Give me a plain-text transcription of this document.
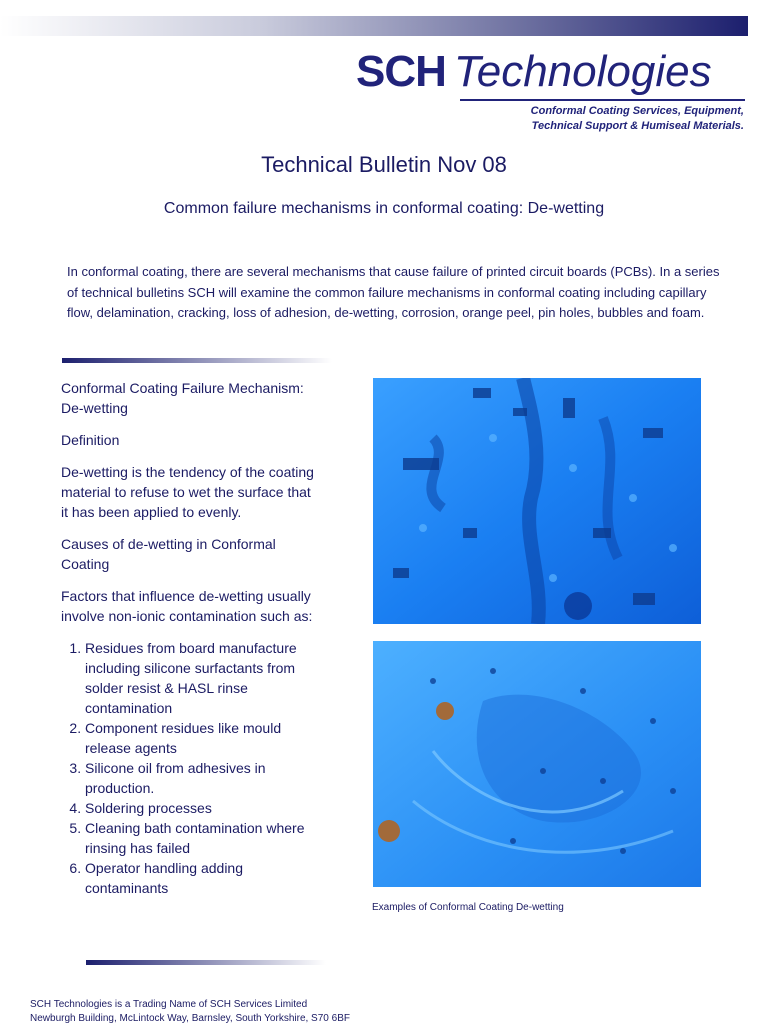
SCH Technologies
Conformal Coating Services, Equipment,
Technical Support & Humiseal Materials.
Technical Bulletin Nov 08
Common failure mechanisms in conformal coating: De-wetting
In conformal coating, there are several mechanisms that cause failure of printed circuit boards (PCBs). In a series of technical bulletins SCH will examine the common failure mechanisms in conformal coating including capillary flow, delamination, cracking, loss of adhesion, de-wetting, corrosion, orange peel, pin holes, bubbles and foam.

Conformal Coating Failure Mechanism: De-wetting

Definition

De-wetting is the tendency of the coating material to refuse to wet the surface that it has been applied to evenly.

Causes of de-wetting in Conformal Coating

Factors that influence de-wetting usually involve non-ionic contamination such as:

1. Residues from board manufacture including silicone surfactants from solder resist & HASL rinse contamination
2. Component residues like mould release agents
3. Silicone oil from adhesives in production.
4. Soldering processes
5. Cleaning bath contamination where rinsing has failed
6. Operator handling adding contaminants
Examples of Conformal Coating De-wetting
SCH Technologies is a Trading Name of SCH Services Limited
Newburgh Building, McLintock Way, Barnsley, South Yorkshire, S70 6BF
